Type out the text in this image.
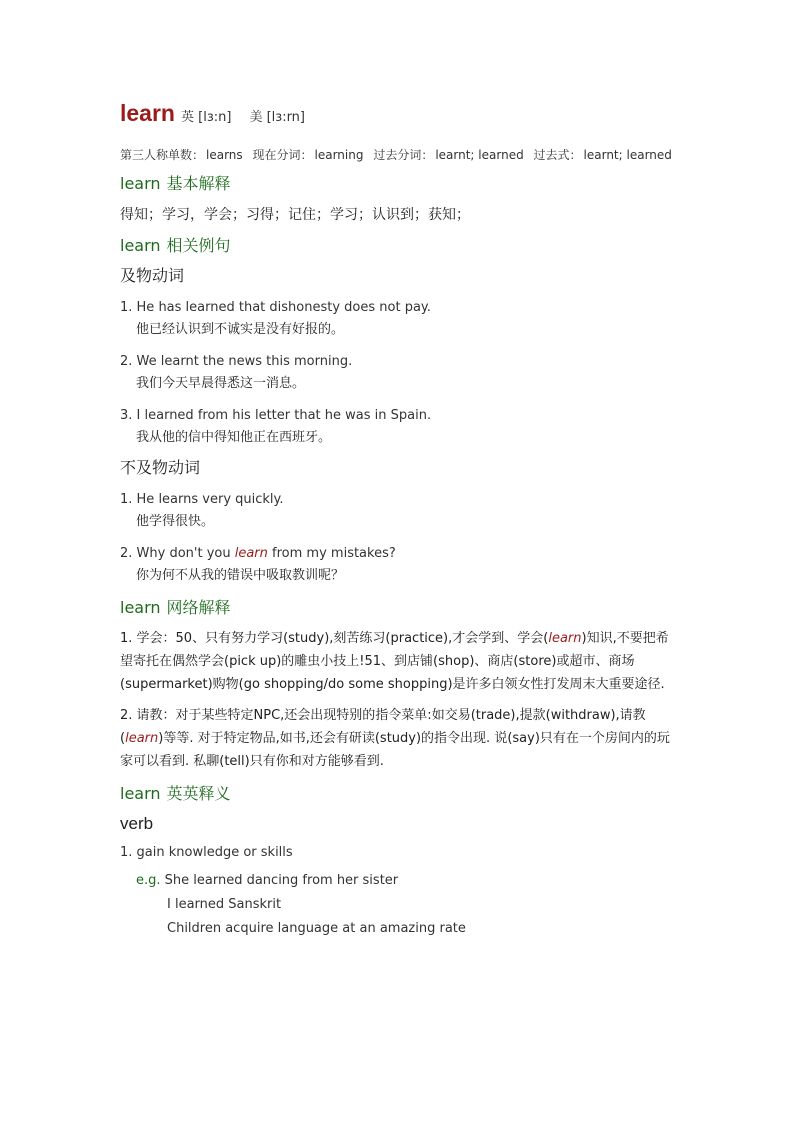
learn 英 [lɜ:n] 美 [lɜ:rn]
第三人称单数： learns 现在分词： learning 过去分词： learnt; learned 过去式： learnt; learned
learn 基本解释
得知；学习，学会；习得；记住；学习；认识到；获知；
learn 相关例句
及物动词
1. He has learned that dishonesty does not pay.
他已经认识到不诚实是没有好报的。
2. We learnt the news this morning.
我们今天早晨得悉这一消息。
3. I learned from his letter that he was in Spain.
我从他的信中得知他正在西班牙。
不及物动词
1. He learns very quickly.
他学得很快。
2. Why don't you learn from my mistakes?
你为何不从我的错误中吸取教训呢？
learn 网络解释
1. 学会：50、只有努力学习(study),刻苦练习(practice),才会学到、学会(learn)知识,不要把希望寄托在偶然学会(pick up)的雕虫小技上!51、到店铺(shop)、商店(store)或超市、商场(supermarket)购物(go shopping/do some shopping)是许多白领女性打发周末大重要途径.
2. 请教：对于某些特定NPC,还会出现特别的指令菜单:如交易(trade),提款(withdraw),请教(learn)等等. 对于特定物品,如书,还会有研读(study)的指令出现. 说(say)只有在一个房间内的玩家可以看到. 私聊(tell)只有你和对方能够看到.
learn 英英释义
verb
1. gain knowledge or skills
e.g. She learned dancing from her sister
I learned Sanskrit
Children acquire language at an amazing rate
